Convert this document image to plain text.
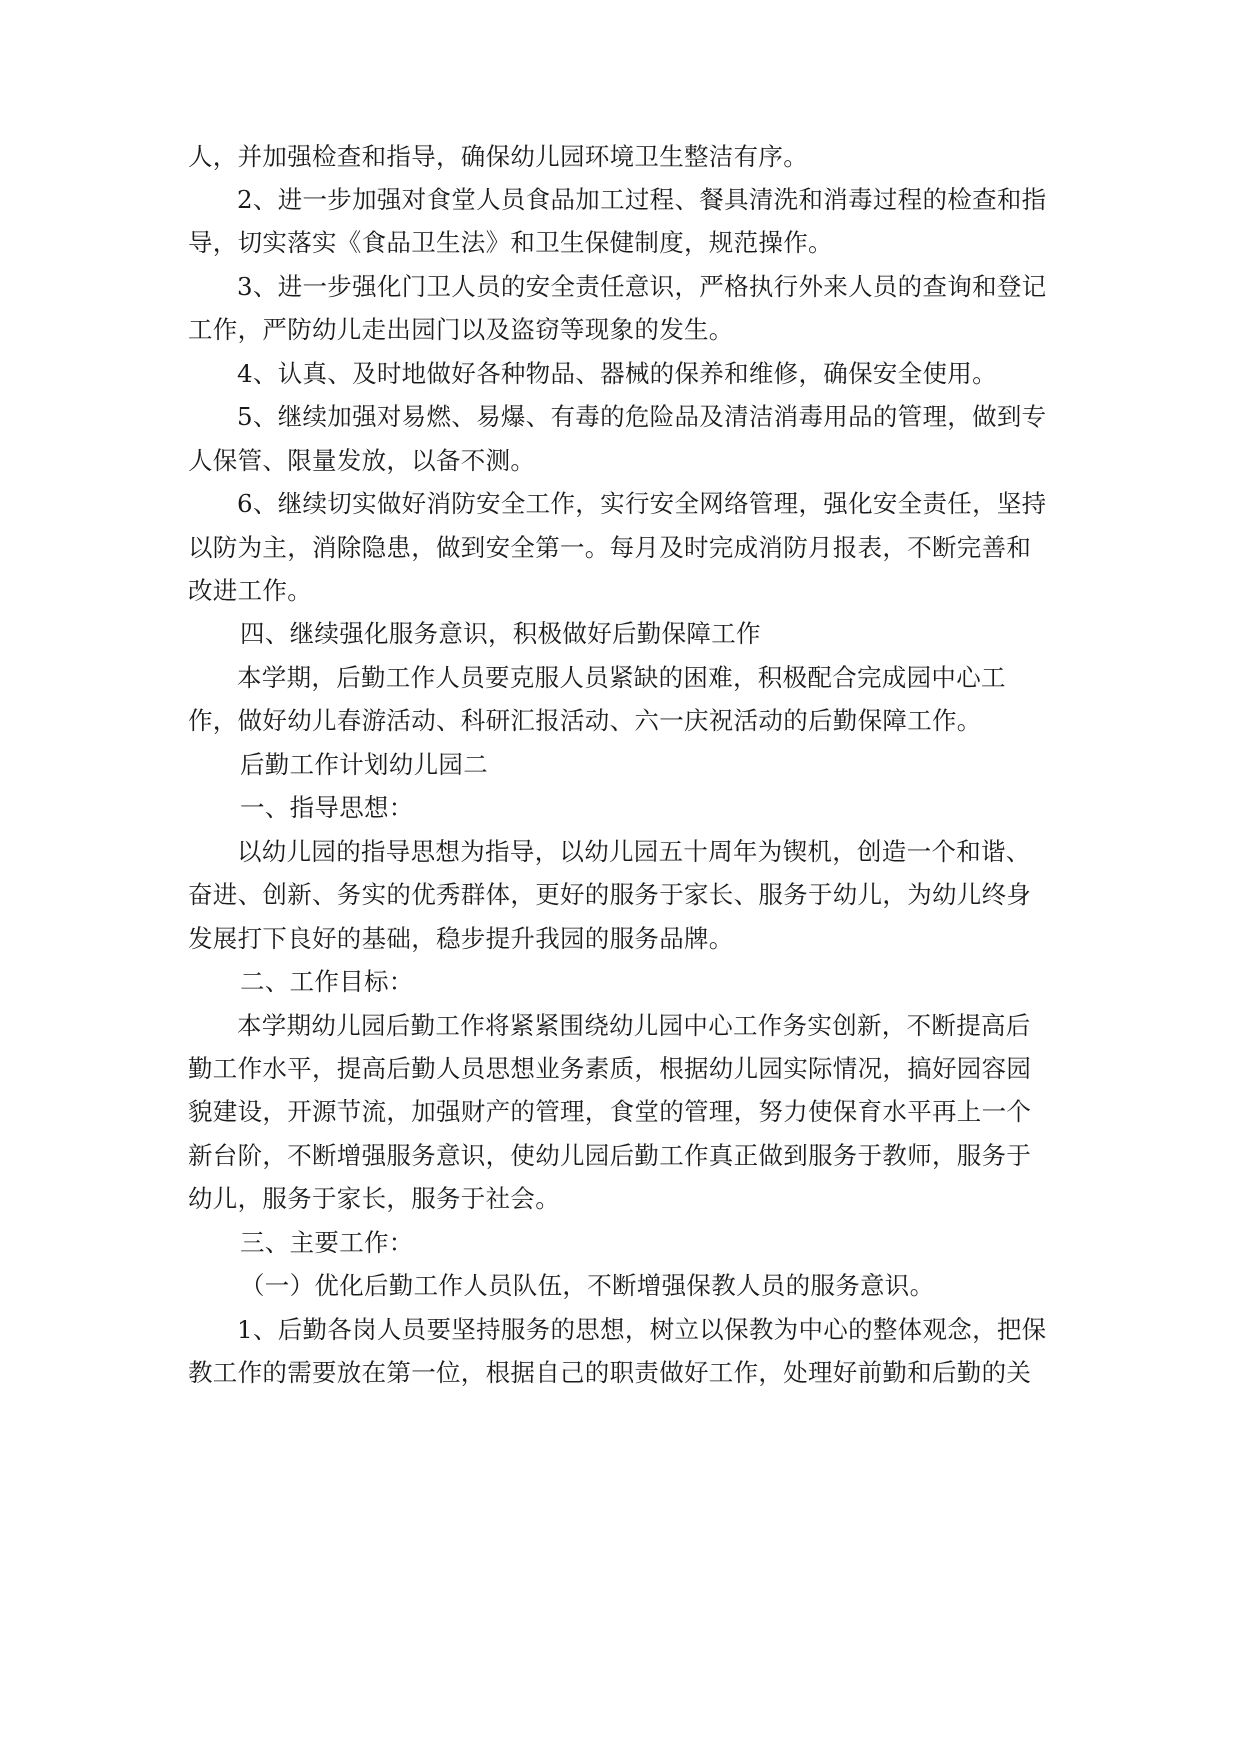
人，并加强检查和指导，确保幼儿园环境卫生整洁有序。
2、进一步加强对食堂人员食品加工过程、餐具清洗和消毒过程的检查和指
导，切实落实《食品卫生法》和卫生保健制度，规范操作。
3、进一步强化门卫人员的安全责任意识，严格执行外来人员的查询和登记
工作，严防幼儿走出园门以及盗窃等现象的发生。
4、认真、及时地做好各种物品、器械的保养和维修，确保安全使用。
5、继续加强对易燃、易爆、有毒的危险品及清洁消毒用品的管理，做到专
人保管、限量发放，以备不测。
6、继续切实做好消防安全工作，实行安全网络管理，强化安全责任，坚持
以防为主，消除隐患，做到安全第一。每月及时完成消防月报表，不断完善和
改进工作。
四、继续强化服务意识，积极做好后勤保障工作
本学期，后勤工作人员要克服人员紧缺的困难，积极配合完成园中心工
作，做好幼儿春游活动、科研汇报活动、六一庆祝活动的后勤保障工作。
后勤工作计划幼儿园二
一、指导思想：
以幼儿园的指导思想为指导，以幼儿园五十周年为锲机，创造一个和谐、
奋进、创新、务实的优秀群体，更好的服务于家长、服务于幼儿，为幼儿终身
发展打下良好的基础，稳步提升我园的服务品牌。
二、工作目标：
本学期幼儿园后勤工作将紧紧围绕幼儿园中心工作务实创新，不断提高后
勤工作水平，提高后勤人员思想业务素质，根据幼儿园实际情况，搞好园容园
貌建设，开源节流，加强财产的管理，食堂的管理，努力使保育水平再上一个
新台阶，不断增强服务意识，使幼儿园后勤工作真正做到服务于教师，服务于
幼儿，服务于家长，服务于社会。
三、主要工作：
（一）优化后勤工作人员队伍，不断增强保教人员的服务意识。
1、后勤各岗人员要坚持服务的思想，树立以保教为中心的整体观念，把保
教工作的需要放在第一位，根据自己的职责做好工作，处理好前勤和后勤的关
